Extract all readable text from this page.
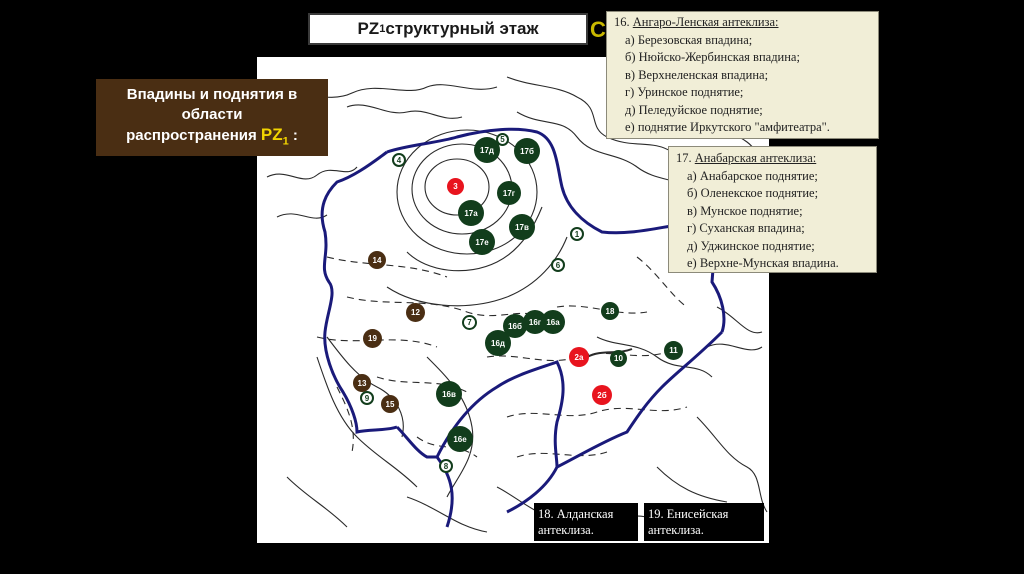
PZ 1 структурный этаж С
Впадины и поднятия в
области
распространения $PZ_1$ :
16. Ангаро-Ленская антеклиза:
а) Березовская впадина;
б) Нюйско-Жербинская впадина;
в) Верхнеленская впадина;
г) Уринское поднятие;
д) Пеледуйское поднятие;
е) поднятие Иркутского "амфитеатра".
17. Анабарская антеклиза:
а) Анабарское поднятие;
б) Оленекское поднятие;
в) Мунское поднятие;
г) Суханская впадина;
д) Уджинское поднятие;
е) Верхне-Мунская впадина.
18. Алданская
антеклиза.
19. Енисейская
антеклиза.
5
17д	17б
4
3
17г
17а
17в
17е
1
6
14
12
7	16б 16г 16а
18
19	16д
2а	10
11
13
9
15
16в	2б
16е
8
